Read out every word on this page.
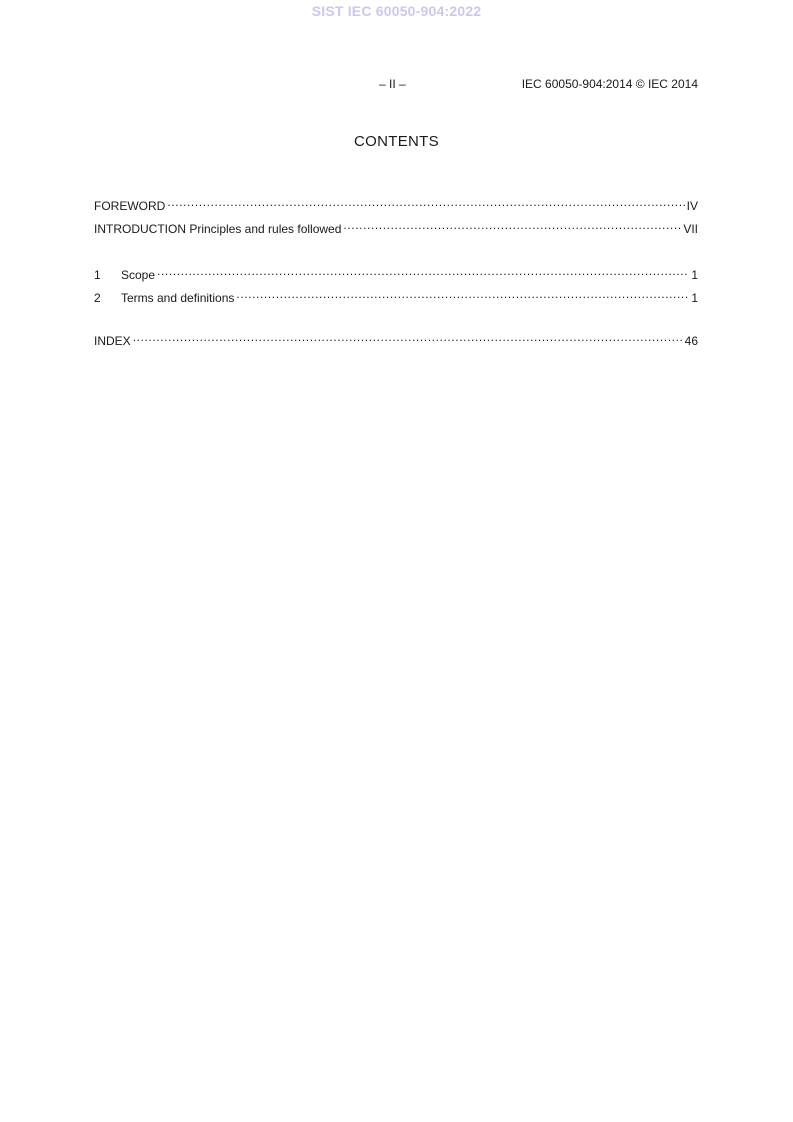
SIST IEC 60050-904:2022
– II –	IEC 60050-904:2014 © IEC 2014
CONTENTS
FOREWORD .....	IV
INTRODUCTION Principles and rules followed .....	VII
1	Scope .....	1
2	Terms and definitions .....	1
INDEX .....	46
